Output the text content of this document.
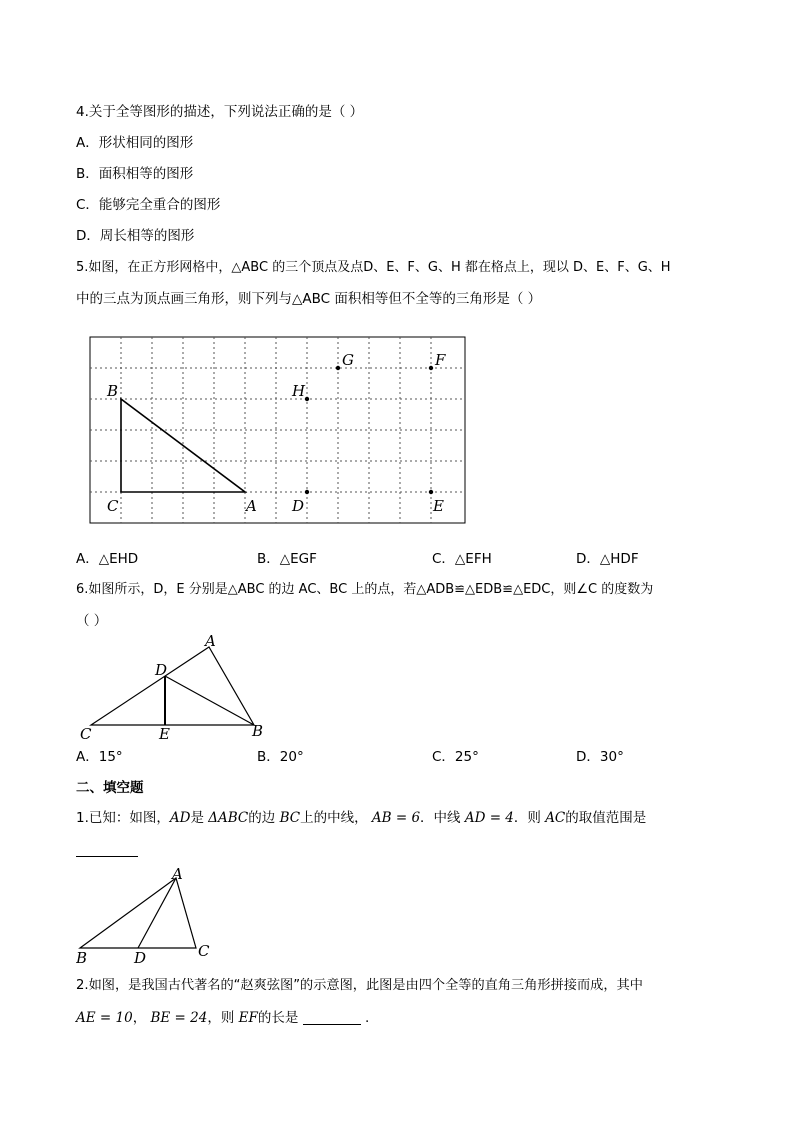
4.关于全等图形的描述，下列说法正确的是（ ）
A．形状相同的图形
B．面积相等的图形
C．能够完全重合的图形
D．周长相等的图形
5.如图，在正方形网格中，△ABC 的三个顶点及点D、E、F、G、H 都在格点上，现以 D、E、F、G、H
中的三点为顶点画三角形，则下列与△ABC 面积相等但不全等的三角形是（ ）
B
C	A D	E
H
G	F
A．△EHD	B．△EGF	C．△EFH	D．△HDF
6.如图所示，D，E 分别是△ABC 的边 AC、BC 上的点，若△ADB≌△EDB≌△EDC，则∠C 的度数为
（ ）
A
D
C	E	B
A．15°	B．20°	C．25°	D．30°
二、填空题
1.已知：如图，AD是 ΔABC的边 BC上的中线， AB = 6．中线 AD = 4．则 AC的取值范围是
A
B	D	C
2.如图，是我国古代著名的“赵爽弦图”的示意图，此图是由四个全等的直角三角形拼接而成，其中
AE = 10， BE = 24，则 EF的长是	.
